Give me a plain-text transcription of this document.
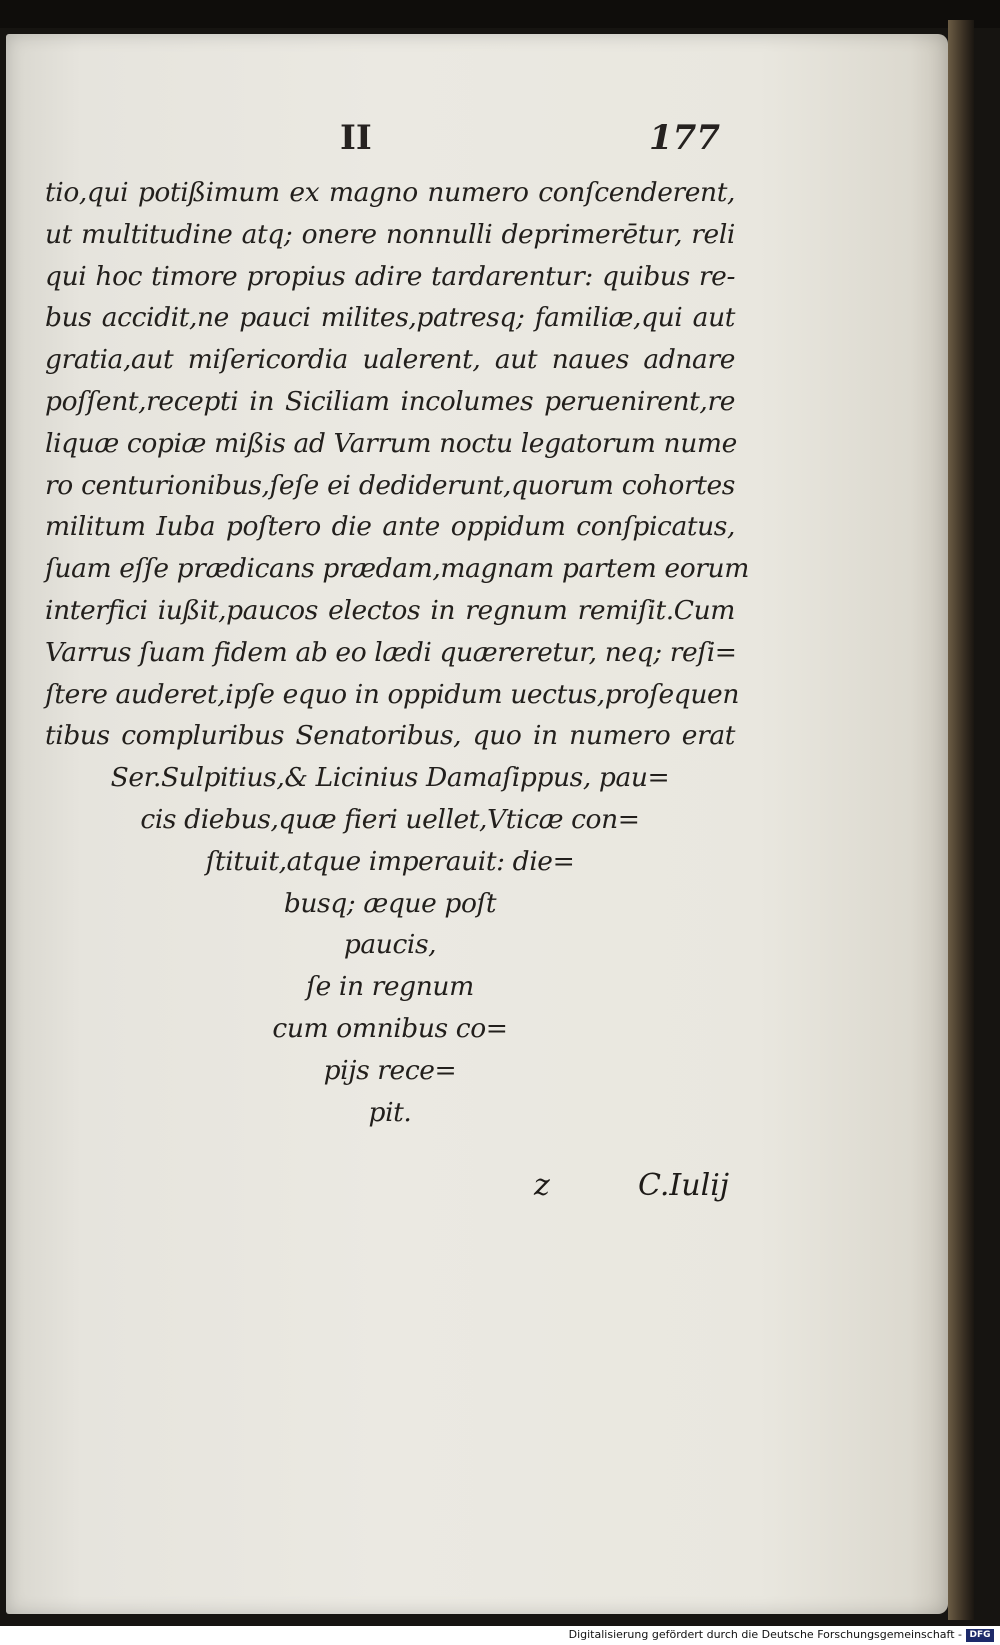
II	177
tio,qui potißimum ex magno numero conſcenderent,
ut multitudine atq; onere nonnulli deprimerētur, reli
qui hoc timore propius adire tardarentur: quibus re-
bus accidit,ne pauci milites,patresq; familiæ,qui aut
gratia,aut miſericordia ualerent, aut naues adnare
poſſent,recepti in Siciliam incolumes peruenirent,re
liquæ copiæ mißis ad Varrum noctu legatorum nume
ro centurionibus,ſeſe ei dediderunt,quorum cohortes
militum Iuba poſtero die ante oppidum conſpicatus,
ſuam eſſe prædicans prædam,magnam partem eorum
interfici iußit,paucos electos in regnum remiſit.Cum
Varrus ſuam fidem ab eo lædi quæreretur, neq; reſi=
ſtere auderet,ipſe equo in oppidum uectus,proſequen
tibus compluribus Senatoribus, quo in numero erat
Ser.Sulpitius,& Licinius Damaſippus, pau=
cis diebus,quæ fieri uellet,Vticæ con=
ſtituit,atque imperauit: die=
busq; æque poſt
paucis,
ſe in regnum
cum omnibus co=
pijs rece=
pit.
z	C.Iulij
Digitalisierung gefördert durch die Deutsche Forschungsgemeinschaft - DFG
